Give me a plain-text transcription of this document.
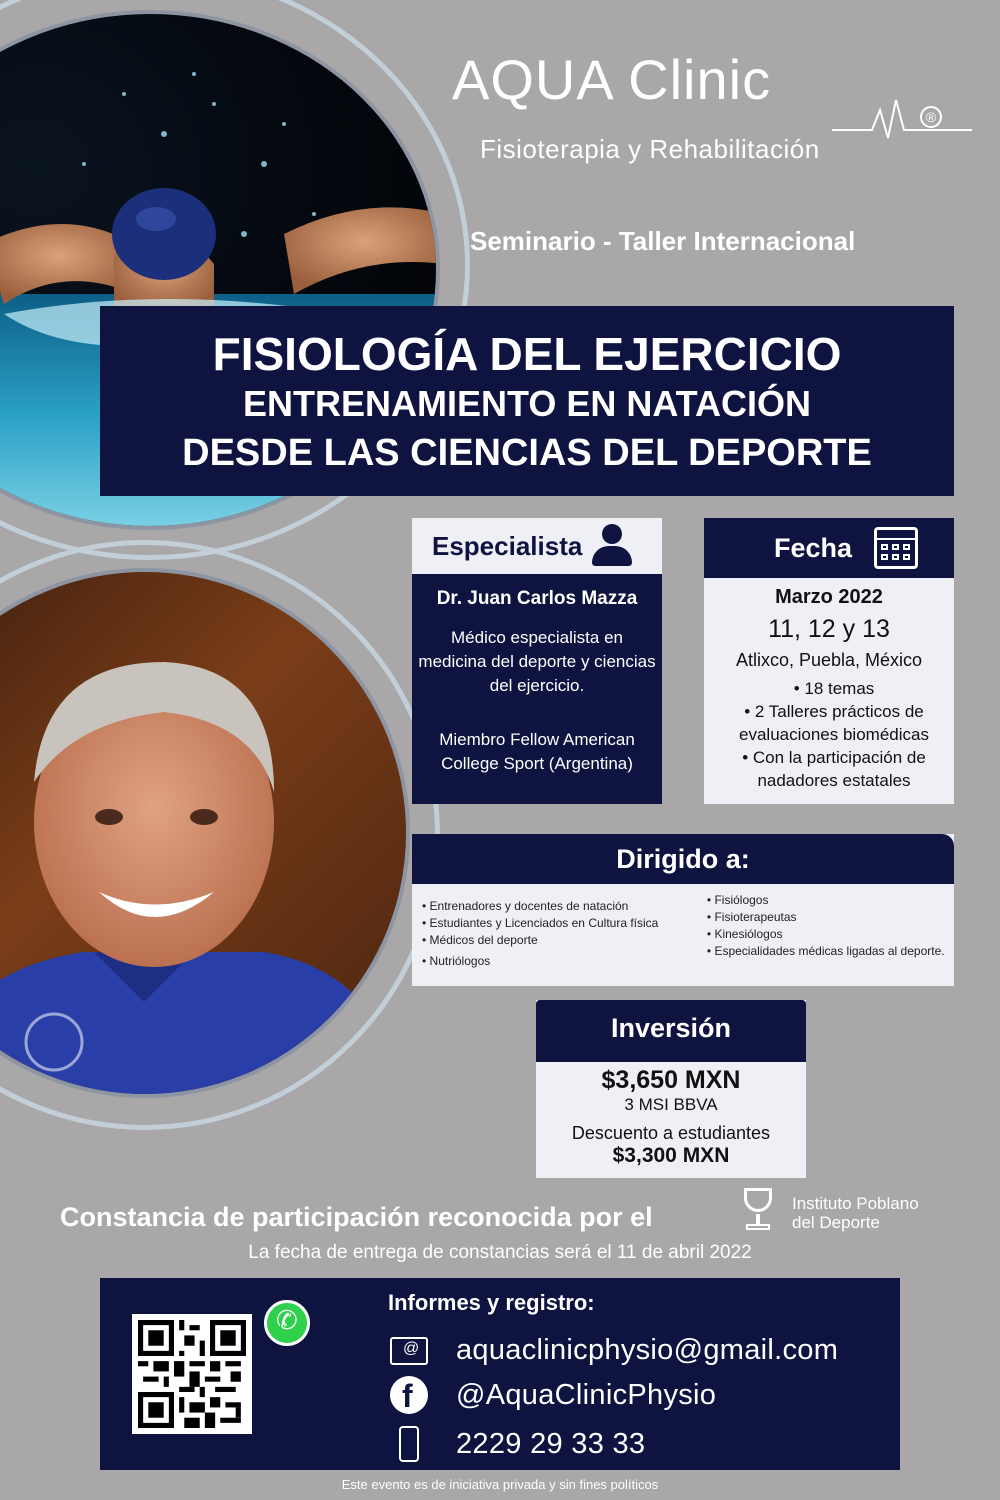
AQUA Clinic
®
Fisioterapia y Rehabilitación
Seminario - Taller Internacional
FISIOLOGÍA DEL EJERCICIO
ENTRENAMIENTO EN NATACIÓN
DESDE LAS CIENCIAS DEL DEPORTE
Especialista
Dr. Juan Carlos Mazza
Médico especialista en medicina del deporte y ciencias del ejercicio.
Miembro Fellow American College Sport (Argentina)
Fecha
Marzo 2022
11, 12 y 13
Atlixco, Puebla, México
• 18 temas
• 2 Talleres prácticos de evaluaciones biomédicas
• Con la participación de nadadores estatales
Dirigido a:
• Entrenadores y docentes de natación
• Estudiantes y Licenciados en Cultura física
• Médicos del deporte
• Nutriólogos
• Fisiólogos
• Fisioterapeutas
• Kinesiólogos
• Especialidades médicas ligadas al deporte.
Inversión
$3,650 MXN
3 MSI BBVA
Descuento a estudiantes
$3,300 MXN
Constancia de participación reconocida por el	Instituto Poblano
del Deporte
La fecha de entrega de constancias será el 11 de abril 2022
✆
Informes y registro:
@
aquaclinicphysio@gmail.com
f
@AquaClinicPhysio
2229 29 33 33
Este evento es de iniciativa privada y sin fines políticos
